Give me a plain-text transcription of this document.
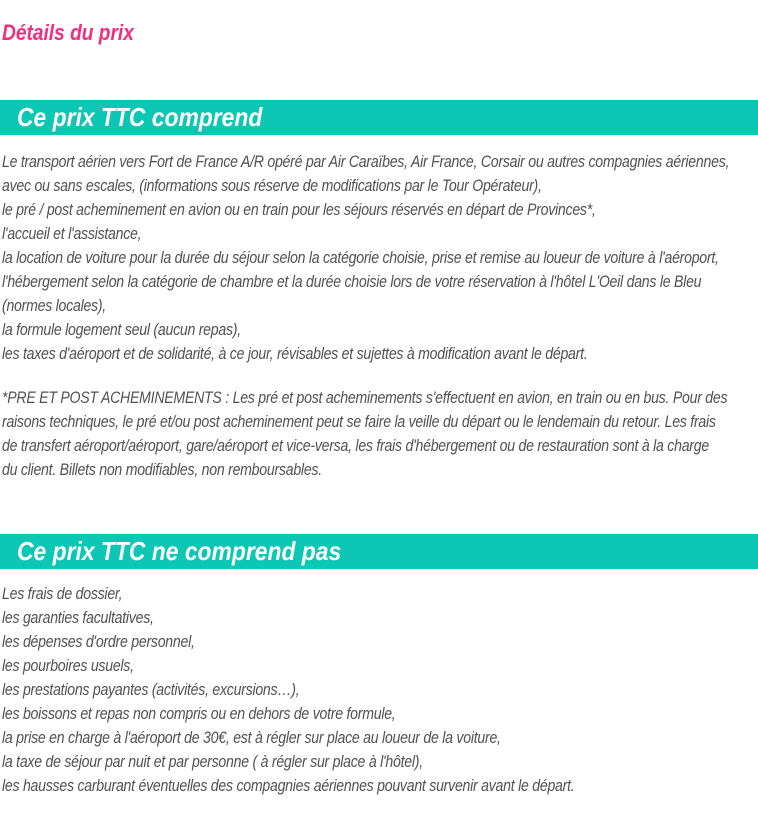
Détails du prix
Ce prix TTC comprend
Le transport aérien vers Fort de France A/R opéré par Air Caraïbes, Air France, Corsair ou autres compagnies aériennes,
avec ou sans escales, (informations sous réserve de modifications par le Tour Opérateur),
le pré / post acheminement en avion ou en train pour les séjours réservés en départ de Provinces*,
l'accueil et l'assistance,
la location de voiture pour la durée du séjour selon la catégorie choisie, prise et remise au loueur de voiture à l'aéroport,
l'hébergement selon la catégorie de chambre et la durée choisie lors de votre réservation à l'hôtel L'Oeil dans le Bleu
(normes locales),
la formule logement seul (aucun repas),
les taxes d'aéroport et de solidarité, à ce jour, révisables et sujettes à modification avant le départ.
*PRE ET POST ACHEMINEMENTS : Les pré et post acheminements s'effectuent en avion, en train ou en bus. Pour des
raisons techniques, le pré et/ou post acheminement peut se faire la veille du départ ou le lendemain du retour. Les frais
de transfert aéroport/aéroport, gare/aéroport et vice-versa, les frais d'hébergement ou de restauration sont à la charge
du client. Billets non modifiables, non remboursables.
Ce prix TTC ne comprend pas
Les frais de dossier,
les garanties facultatives,
les dépenses d'ordre personnel,
les pourboires usuels,
les prestations payantes (activités, excursions…),
les boissons et repas non compris ou en dehors de votre formule,
la prise en charge à l'aéroport de 30€, est à régler sur place au loueur de la voiture,
la taxe de séjour par nuit et par personne ( à régler sur place à l'hôtel),
les hausses carburant éventuelles des compagnies aériennes pouvant survenir avant le départ.
